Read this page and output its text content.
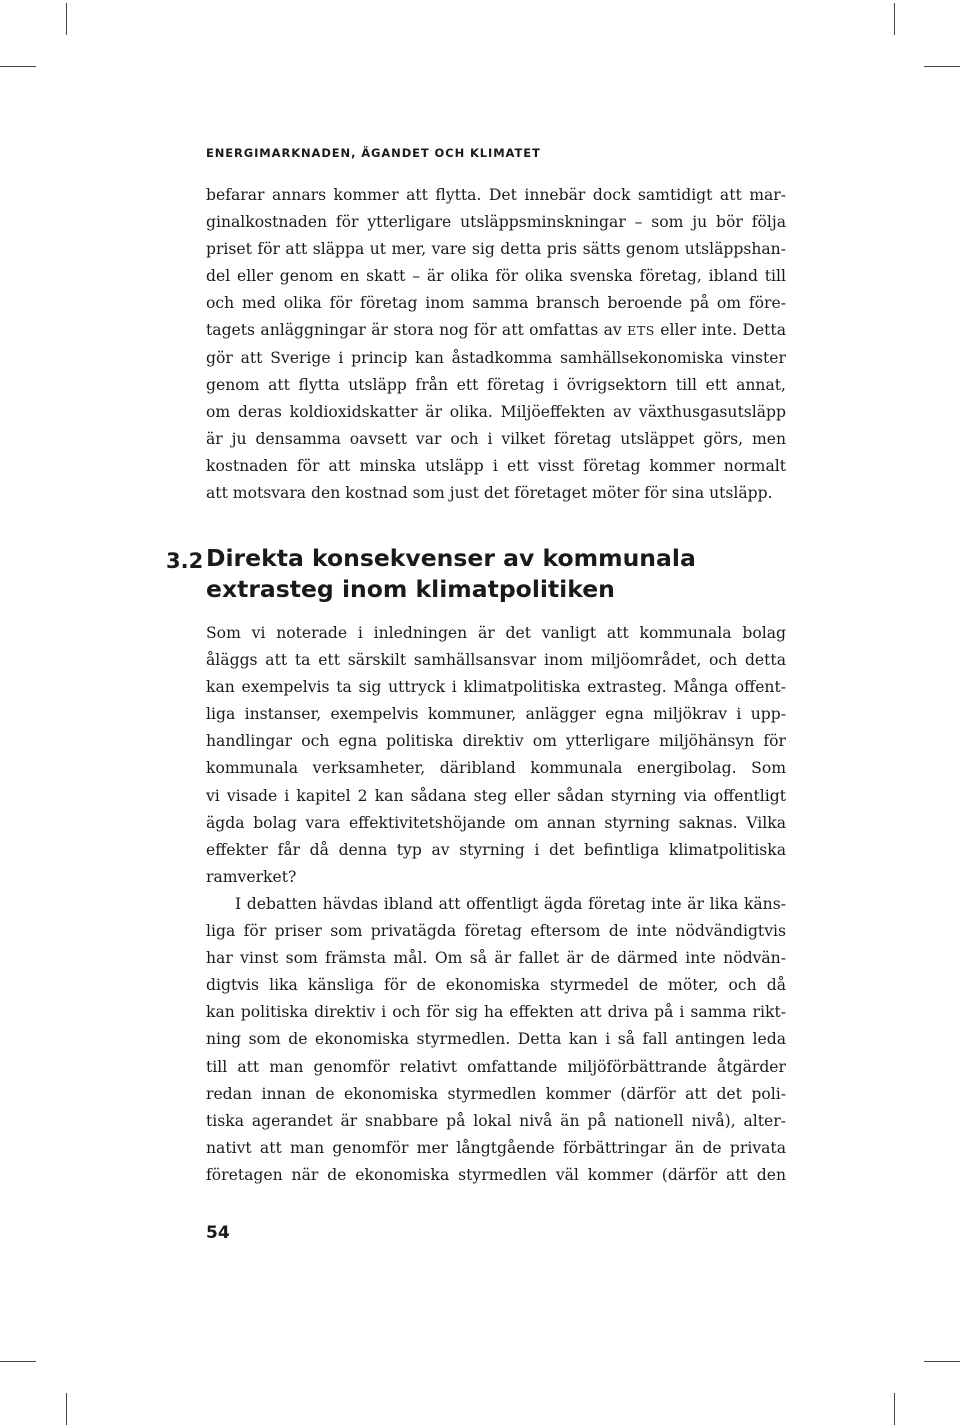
ENERGIMARKNADEN, ÄGANDET OCH KLIMATET
befarar annars kommer att flytta. Det innebär dock samtidigt att mar-
ginalkostnaden för ytterligare utsläppsminskningar – som ju bör följa
priset för att släppa ut mer, vare sig detta pris sätts genom utsläppshan-
del eller genom en skatt – är olika för olika svenska företag, ibland till
och med olika för företag inom samma bransch beroende på om före-
tagets anläggningar är stora nog för att omfattas av ETS eller inte. Detta
gör att Sverige i princip kan åstadkomma samhällsekonomiska vinster
genom att flytta utsläpp från ett företag i övrigsektorn till ett annat,
om deras koldioxidskatter är olika. Miljöeffekten av växthusgasutsläpp
är ju densamma oavsett var och i vilket företag utsläppet görs, men
kostnaden för att minska utsläpp i ett visst företag kommer normalt
att motsvara den kostnad som just det företaget möter för sina utsläpp.
3.2 Direkta konsekvenser av kommunala
extrasteg inom klimatpolitiken
Som vi noterade i inledningen är det vanligt att kommunala bolag
åläggs att ta ett särskilt samhällsansvar inom miljöområdet, och detta
kan exempelvis ta sig uttryck i klimatpolitiska extrasteg. Många offent-
liga instanser, exempelvis kommuner, anlägger egna miljökrav i upp-
handlingar och egna politiska direktiv om ytterligare miljöhänsyn för
kommunala verksamheter, däribland kommunala energibolag. Som
vi visade i kapitel 2 kan sådana steg eller sådan styrning via offentligt
ägda bolag vara effektivitetshöjande om annan styrning saknas. Vilka
effekter får då denna typ av styrning i det befintliga klimatpolitiska
ramverket?
I debatten hävdas ibland att offentligt ägda företag inte är lika käns-
liga för priser som privatägda företag eftersom de inte nödvändigtvis
har vinst som främsta mål. Om så är fallet är de därmed inte nödvän-
digtvis lika känsliga för de ekonomiska styrmedel de möter, och då
kan politiska direktiv i och för sig ha effekten att driva på i samma rikt-
ning som de ekonomiska styrmedlen. Detta kan i så fall antingen leda
till att man genomför relativt omfattande miljöförbättrande åtgärder
redan innan de ekonomiska styrmedlen kommer (därför att det poli-
tiska agerandet är snabbare på lokal nivå än på nationell nivå), alter-
nativt att man genomför mer långtgående förbättringar än de privata
företagen när de ekonomiska styrmedlen väl kommer (därför att den
54
